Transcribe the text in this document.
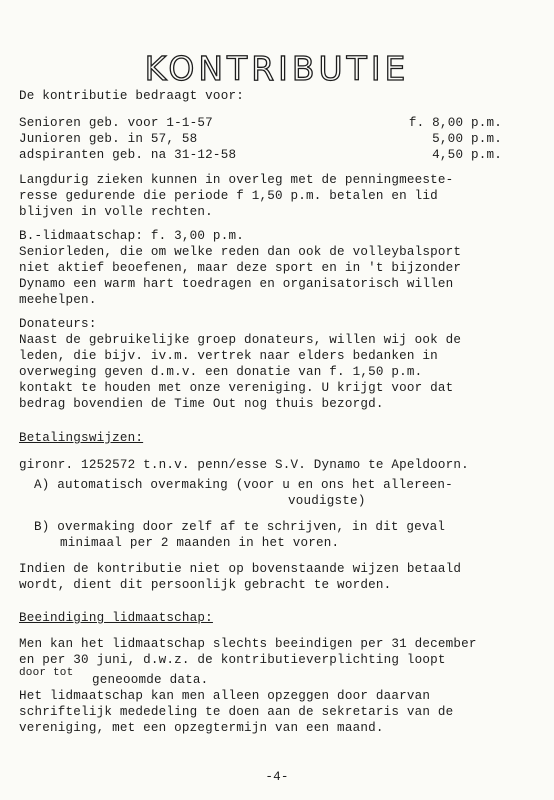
KONTRIBUTIE
De kontributie bedraagt voor:
Senioren geb. voor 1-1-57	f. 8,00 p.m.
Junioren geb. in 57, 58	5,00 p.m.
adspiranten geb. na 31-12-58	4,50 p.m.
Langdurig zieken kunnen in overleg met de penningmeeste-
resse gedurende die periode f 1,50 p.m. betalen en lid
blijven in volle rechten.
B.-lidmaatschap: f. 3,00 p.m.
Seniorleden, die om welke reden dan ook de volleybalsport
niet aktief beoefenen, maar deze sport en in 't bijzonder
Dynamo een warm hart toedragen en organisatorisch willen
meehelpen.
Donateurs:
Naast de gebruikelijke groep donateurs, willen wij ook de
leden, die bijv. iv.m. vertrek naar elders bedanken in
overweging geven d.m.v. een donatie van f. 1,50 p.m.
kontakt te houden met onze vereniging. U krijgt voor dat
bedrag bovendien de Time Out nog thuis bezorgd.
Betalingswijzen:
gironr. 1252572 t.n.v. penn/esse S.V. Dynamo te Apeldoorn.
A) automatisch overmaking (voor u en ons het allereen-
voudigste)
B) overmaking door zelf af te schrijven, in dit geval
minimaal per 2 maanden in het voren.
Indien de kontributie niet op bovenstaande wijzen betaald
wordt, dient dit persoonlijk gebracht te worden.
Beeindiging lidmaatschap:
Men kan het lidmaatschap slechts beeindigen per 31 december
en per 30 juni, d.w.z. de kontributieverplichting loopt
door tot geneoomde data.
Het lidmaatschap kan men alleen opzeggen door daarvan
schriftelijk mededeling te doen aan de sekretaris van de
vereniging, met een opzegtermijn van een maand.
-4-
